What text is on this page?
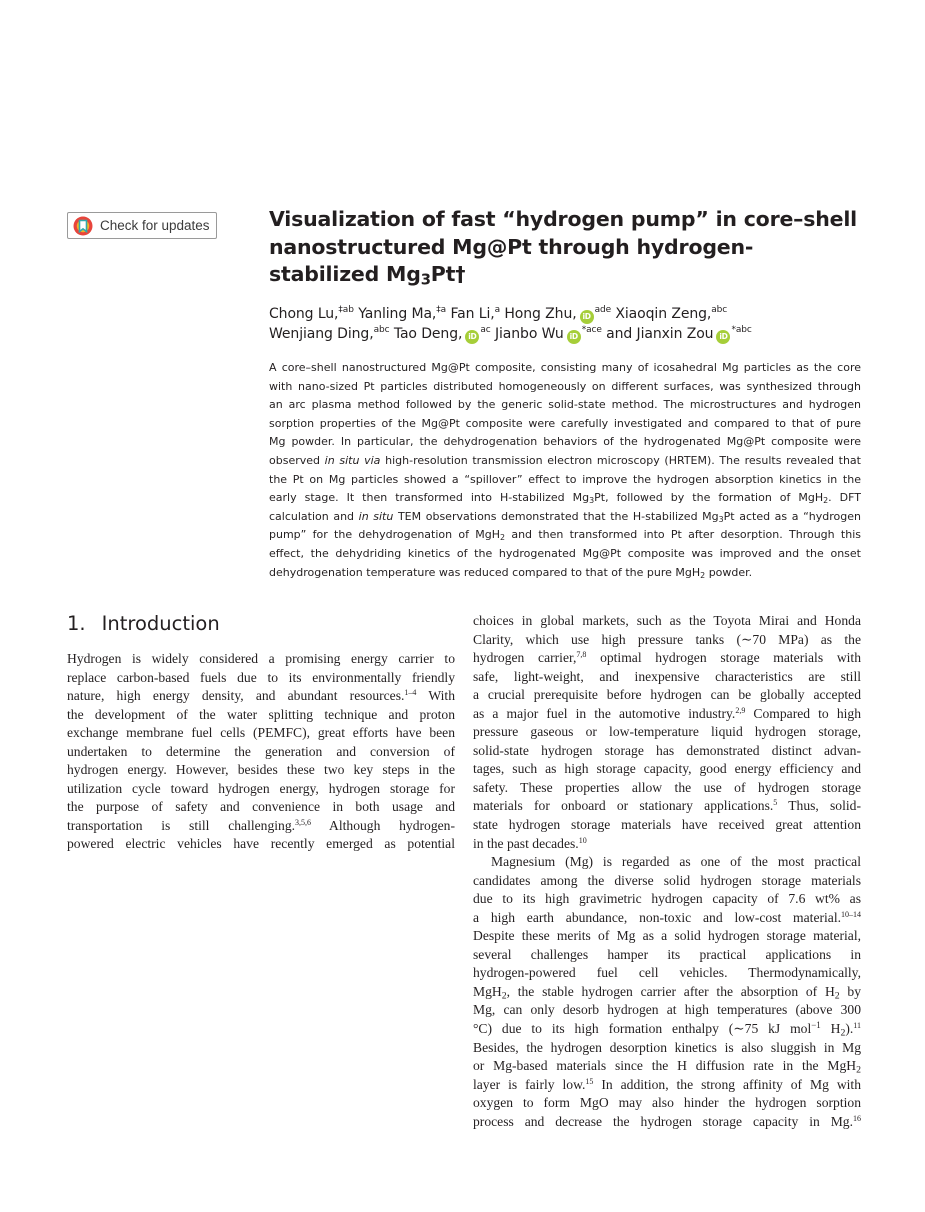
Check for updates	Visualization of fast “hydrogen pump” in core–shell
nanostructured Mg@Pt through hydrogen-
stabilized $Mg_3Pt\dagger$
Chong Lu,$^{\ddagger ab}$ Yanling Ma,$^{\ddagger a}$ Fan Li,$^a$ Hong Zhu, $iD^{ade}$ Xiaoqin Zeng,$^{abc}$
Wenjiang Ding,$^{abc}$ Tao Deng, $iD^{ac}$ Jianbo Wu $iD^{*ace}$ and Jianxin Zou $iD^{*abc}$
A core–shell nanostructured Mg@Pt composite, consisting many of icosahedral Mg particles as the core
with nano-sized Pt particles distributed homogeneously on different surfaces, was synthesized through
an arc plasma method followed by the generic solid-state method. The microstructures and hydrogen
sorption properties of the Mg@Pt composite were carefully investigated and compared to that of pure
Mg powder. In particular, the dehydrogenation behaviors of the hydrogenated Mg@Pt composite were
observed in situ via high-resolution transmission electron microscopy (HRTEM). The results revealed that
the Pt on Mg particles showed a “spillover” effect to improve the hydrogen absorption kinetics in the
early stage. It then transformed into H-stabilized $Mg_3Pt$, followed by the formation of MgH$_2$. DFT
calculation and in situ TEM observations demonstrated that the H-stabilized $Mg_3Pt$ acted as a “hydrogen
pump” for the dehydrogenation of MgH$_2$ and then transformed into Pt after desorption. Through this
effect, the dehydriding kinetics of the hydrogenated Mg@Pt composite was improved and the onset
dehydrogenation temperature was reduced compared to that of the pure MgH$_2$ powder.
1. Introduction
Hydrogen is widely considered a promising energy carrier to
replace carbon-based fuels due to its environmentally friendly
nature, high energy density, and abundant resources.$^{1-4}$ With
the development of the water splitting technique and proton
exchange membrane fuel cells (PEMFC), great efforts have been
undertaken to determine the generation and conversion of
hydrogen energy. However, besides these two key steps in the
utilization cycle toward hydrogen energy, hydrogen storage for
the purpose of safety and convenience in both usage and
transportation is still challenging.$^{3,5,6}$ Although hydrogen-
powered electric vehicles have recently emerged as potential
choices in global markets, such as the Toyota Mirai and Honda
Clarity, which use high pressure tanks (∼70 MPa) as the
hydrogen carrier,$^{7,8}$ optimal hydrogen storage materials with
safe, light-weight, and inexpensive characteristics are still
a crucial prerequisite before hydrogen can be globally accepted
as a major fuel in the automotive industry.$^{2,9}$ Compared to high
pressure gaseous or low-temperature liquid hydrogen storage,
solid-state hydrogen storage has demonstrated distinct advan-
tages, such as high storage capacity, good energy efficiency and
safety. These properties allow the use of hydrogen storage
materials for onboard or stationary applications.$^5$ Thus, solid-
state hydrogen storage materials have received great attention
in the past decades.$^{10}$
Magnesium (Mg) is regarded as one of the most practical
candidates among the diverse solid hydrogen storage materials
due to its high gravimetric hydrogen capacity of 7.6 wt% as
a high earth abundance, non-toxic and low-cost material.$^{10-14}$
Despite these merits of Mg as a solid hydrogen storage material,
several challenges hamper its practical applications in
hydrogen-powered fuel cell vehicles. Thermodynamically,
MgH$_2$, the stable hydrogen carrier after the absorption of $H_2$ by
Mg, can only desorb hydrogen at high temperatures (above 300
°C) due to its high formation enthalpy (∼75 kJ mol$^{-1}$ $H_2).^{11}$
Besides, the hydrogen desorption kinetics is also sluggish in Mg
or Mg-based materials since the H diffusion rate in the MgH$_2$
layer is fairly low.$^{15}$ In addition, the strong affinity of Mg with
oxygen to form MgO may also hinder the hydrogen sorption
process and decrease the hydrogen storage capacity in Mg.$^{16}$
